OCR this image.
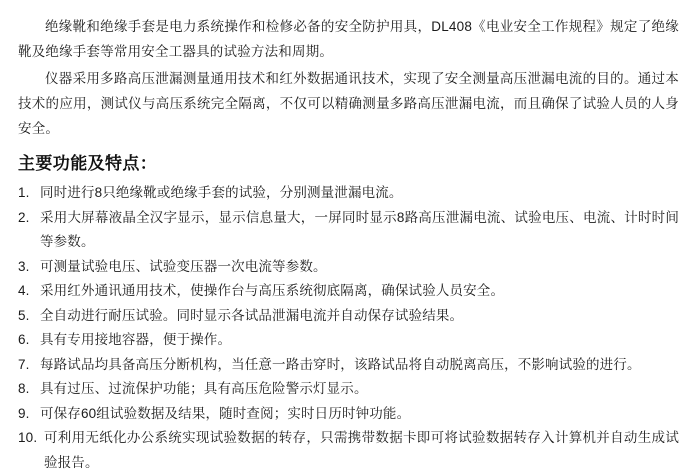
绝缘靴和绝缘手套是电力系统操作和检修必备的安全防护用具，DL408《电业安全工作规程》规定了绝缘靴及绝缘手套等常用安全工器具的试验方法和周期。

仪器采用多路高压泄漏测量通用技术和红外数据通讯技术，实现了安全测量高压泄漏电流的目的。通过本技术的应用，测试仪与高压系统完全隔离，不仅可以精确测量多路高压泄漏电流，而且确保了试验人员的人身安全。

主要功能及特点：
1. 同时进行8只绝缘靴或绝缘手套的试验，分别测量泄漏电流。
2. 采用大屏幕液晶全汉字显示，显示信息量大，一屏同时显示8路高压泄漏电流、试验电压、电流、计时时间等参数。
3. 可测量试验电压、试验变压器一次电流等参数。
4. 采用红外通讯通用技术，使操作台与高压系统彻底隔离，确保试验人员安全。
5. 全自动进行耐压试验。同时显示各试品泄漏电流并自动保存试验结果。
6. 具有专用接地容器，便于操作。
7. 每路试品均具备高压分断机构，当任意一路击穿时，该路试品将自动脱离高压，不影响试验的进行。
8. 具有过压、过流保护功能；具有高压危险警示灯显示。
9. 可保存60组试验数据及结果，随时查阅；实时日历时钟功能。
10. 可利用无纸化办公系统实现试验数据的转存，只需携带数据卡即可将试验数据转存入计算机并自动生成试验报告。
